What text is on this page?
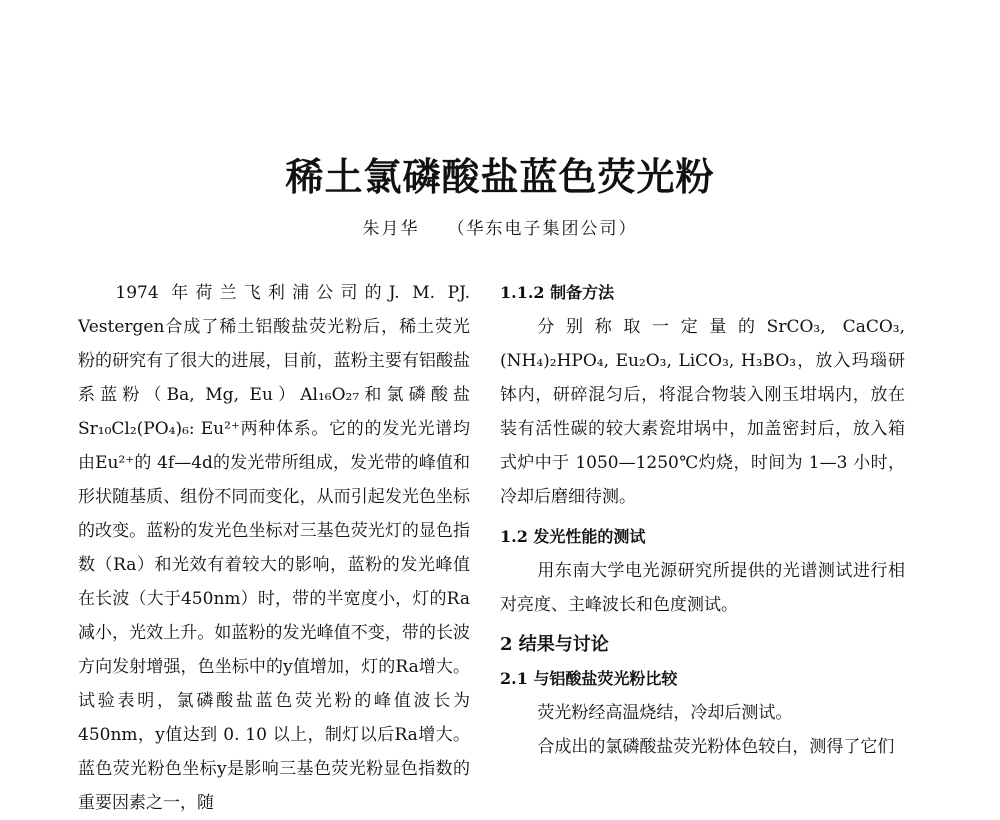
稀土氯磷酸盐蓝色荧光粉
朱月华 （华东电子集团公司）

1974 年荷兰飞利浦公司的J. M. PJ. Vestergen合成了稀土铝酸盐荧光粉后，稀土荧光粉的研究有了很大的进展，目前，蓝粉主要有铝酸盐系蓝粉（Ba, Mg, Eu）Al₁₆O₂₇和氯磷酸盐Sr₁₀Cl₂(PO₄)₆: Eu²⁺两种体系。它的的发光光谱均由Eu²⁺的 4f—4d的发光带所组成，发光带的峰值和形状随基质、组份不同而变化，从而引起发光色坐标的改变。蓝粉的发光色坐标对三基色荧光灯的显色指数（Ra）和光效有着较大的影响，蓝粉的发光峰值在长波（大于450nm）时，带的半宽度小，灯的Ra减小，光效上升。如蓝粉的发光峰值不变，带的长波方向发射增强，色坐标中的y值增加，灯的Ra增大。试验表明，氯磷酸盐蓝色荧光粉的峰值波长为 450nm，y值达到 0. 10 以上，制灯以后Ra增大。蓝色荧光粉色坐标y是影响三基色荧光粉显色指数的重要因素之一，随

1.1.2 制备方法

分别称取一定量的SrCO₃, CaCO₃, (NH₄)₂HPO₄, Eu₂O₃, LiCO₃, H₃BO₃，放入玛瑙研钵内，研碎混匀后，将混合物装入刚玉坩埚内，放在装有活性碳的较大素瓷坩埚中，加盖密封后，放入箱式炉中于 1050—1250℃灼烧，时间为 1—3 小时，冷却后磨细待测。

1.2 发光性能的测试

用东南大学电光源研究所提供的光谱测试进行相对亮度、主峰波长和色度测试。

2 结果与讨论

2.1 与铝酸盐荧光粉比较

荧光粉经高温烧结，冷却后测试。

合成出的氯磷酸盐荧光粉体色较白，测得了它们
